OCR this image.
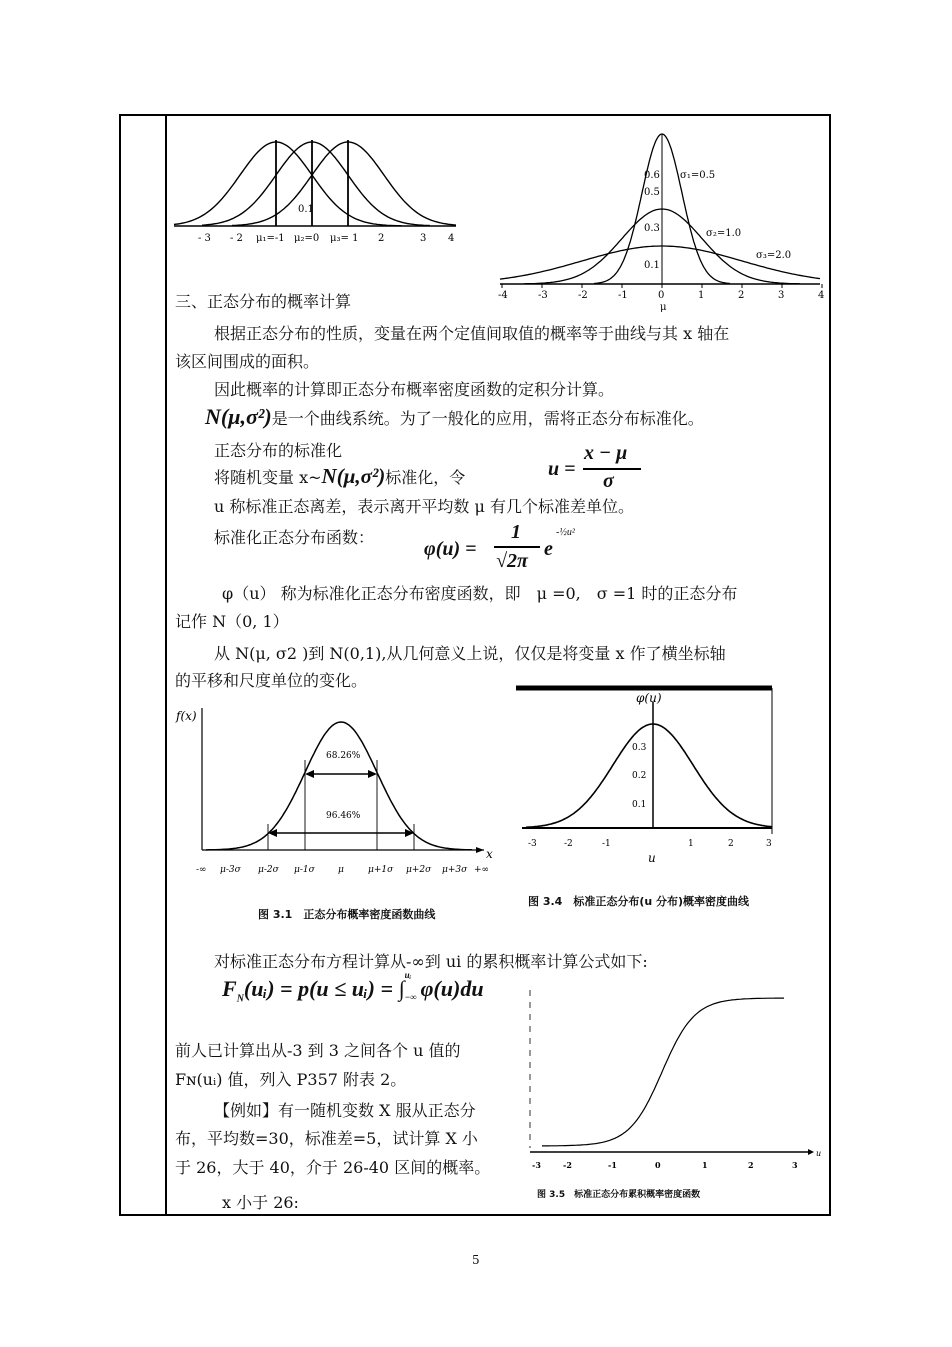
0.1
- 3 - 2 μ₁=-1 μ₂=0 μ₃= 1 2	3 4
0.6
0.5
0.3
0.1
σ₁=0.5
σ₂=1.0
σ₃=2.0
-4	-3	-2	-1	0	1	2	3	4
μ
三、正态分布的概率计算
根据正态分布的性质，变量在两个定值间取值的概率等于曲线与其 x 轴在
该区间围成的面积。
因此概率的计算即正态分布概率密度函数的定积分计算。
N(μ,σ²)是一个曲线系统。为了一般化的应用，需将正态分布标准化。
正态分布的标准化
将随机变量 x~N(μ,σ²)标准化，令	u =
x − μ
σ
u 称标准正态离差，表示离开平均数 μ 有几个标准差单位。
标准化正态分布函数：
φ(u) =
1
√2π
e
-½u²
φ（u） 称为标准化正态分布密度函数，即　μ =0,　σ =1 时的正态分布
记作 N（0, 1）
从 N(μ, σ2 )到 N(0,1),从几何意义上说，仅仅是将变量 x 作了横坐标轴
的平移和尺度单位的变化。
f(x)
x
68.26%
96.46%
-∞ μ-3σ μ-2σ μ-1σ	μ	μ+1σ μ+2σ μ+3σ +∞
图 3.1　正态分布概率密度函数曲线
φ(u)
0.3
0.2
0.1
-3	-2	-1	1	2	3
u
图 3.4　标准正态分布(u 分布)概率密度曲线
对标准正态分布方程计算从-∞到 ui 的累积概率计算公式如下:
$F_N(uᵢ) = p(u$ ≤ uᵢ) = ∫
uᵢ
−∞ φ(u)du
前人已计算出从-3 到 3 之间各个 u 值的
Fɴ(uᵢ) 值，列入 P357 附表 2。
【例如】有一随机变数 X 服从正态分
布，平均数=30，标准差=5，试计算 X 小
于 26，大于 40，介于 26-40 区间的概率。
x 小于 26:
u
-3	-2	-1	0	1	2	3
图 3.5　标准正态分布累积概率密度函数
5
